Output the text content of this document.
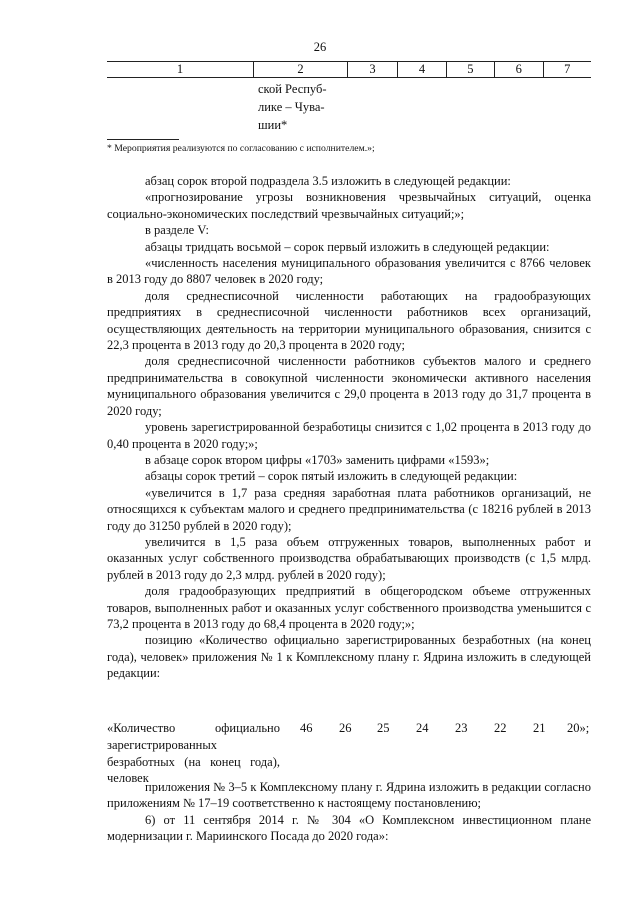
26
1	2	3	4	5	6	7
ской Респуб-
лике – Чува-
шии*
* Мероприятия реализуются по согласованию с исполнителем.»;

абзац сорок второй подраздела 3.5 изложить в следующей редакции:

«прогнозирование угрозы возникновения чрезвычайных ситуаций, оценка социально-экономических последствий чрезвычайных ситуаций;»;

в разделе V:

абзацы тридцать восьмой – сорок первый изложить в следующей редакции:

«численность населения муниципального образования увеличится с 8766 человек в 2013 году до 8807 человек в 2020 году;

доля среднесписочной численности работающих на градообразующих предприятиях в среднесписочной численности работников всех организаций, осуществляющих деятельность на территории муниципального образования, снизится с 22,3 процента в 2013 году до 20,3 процента в 2020 году;

доля среднесписочной численности работников субъектов малого и среднего предпринимательства в совокупной численности экономически активного населения муниципального образования увеличится с 29,0 процента в 2013 году до 31,7 процента в 2020 году;

уровень зарегистрированной безработицы снизится с 1,02 процента в 2013 году до 0,40 процента в 2020 году;»;

в абзаце сорок втором цифры «1703» заменить цифрами «1593»;

абзацы сорок третий – сорок пятый изложить в следующей редакции:

«увеличится в 1,7 раза средняя заработная плата работников организаций, не относящихся к субъектам малого и среднего предпринимательства (с 18216 рублей в 2013 году до 31250 рублей в 2020 году);

увеличится в 1,5 раза объем отгруженных товаров, выполненных работ и оказанных услуг собственного производства обрабатывающих производств (с 1,5 млрд. рублей в 2013 году до 2,3 млрд. рублей в 2020 году);

доля градообразующих предприятий в общегородском объеме отгруженных товаров, выполненных работ и оказанных услуг собственного производства уменьшится с 73,2 процента в 2013 году до 68,4 процента в 2020 году;»;

позицию «Количество официально зарегистрированных безработных (на конец года), человек» приложения № 1 к Комплексному плану г. Ядрина изложить в следующей редакции:

«Количество официально зарегистрированных безработных (на конец года), человек
46 26 25 24 23 22 21 20»;

приложения № 3–5 к Комплексному плану г. Ядрина изложить в редакции согласно приложениям № 17–19 соответственно к настоящему постановлению;

6) от 11 сентября 2014 г. № 304 «О Комплексном инвестиционном плане модернизации г. Мариинского Посада до 2020 года»:
